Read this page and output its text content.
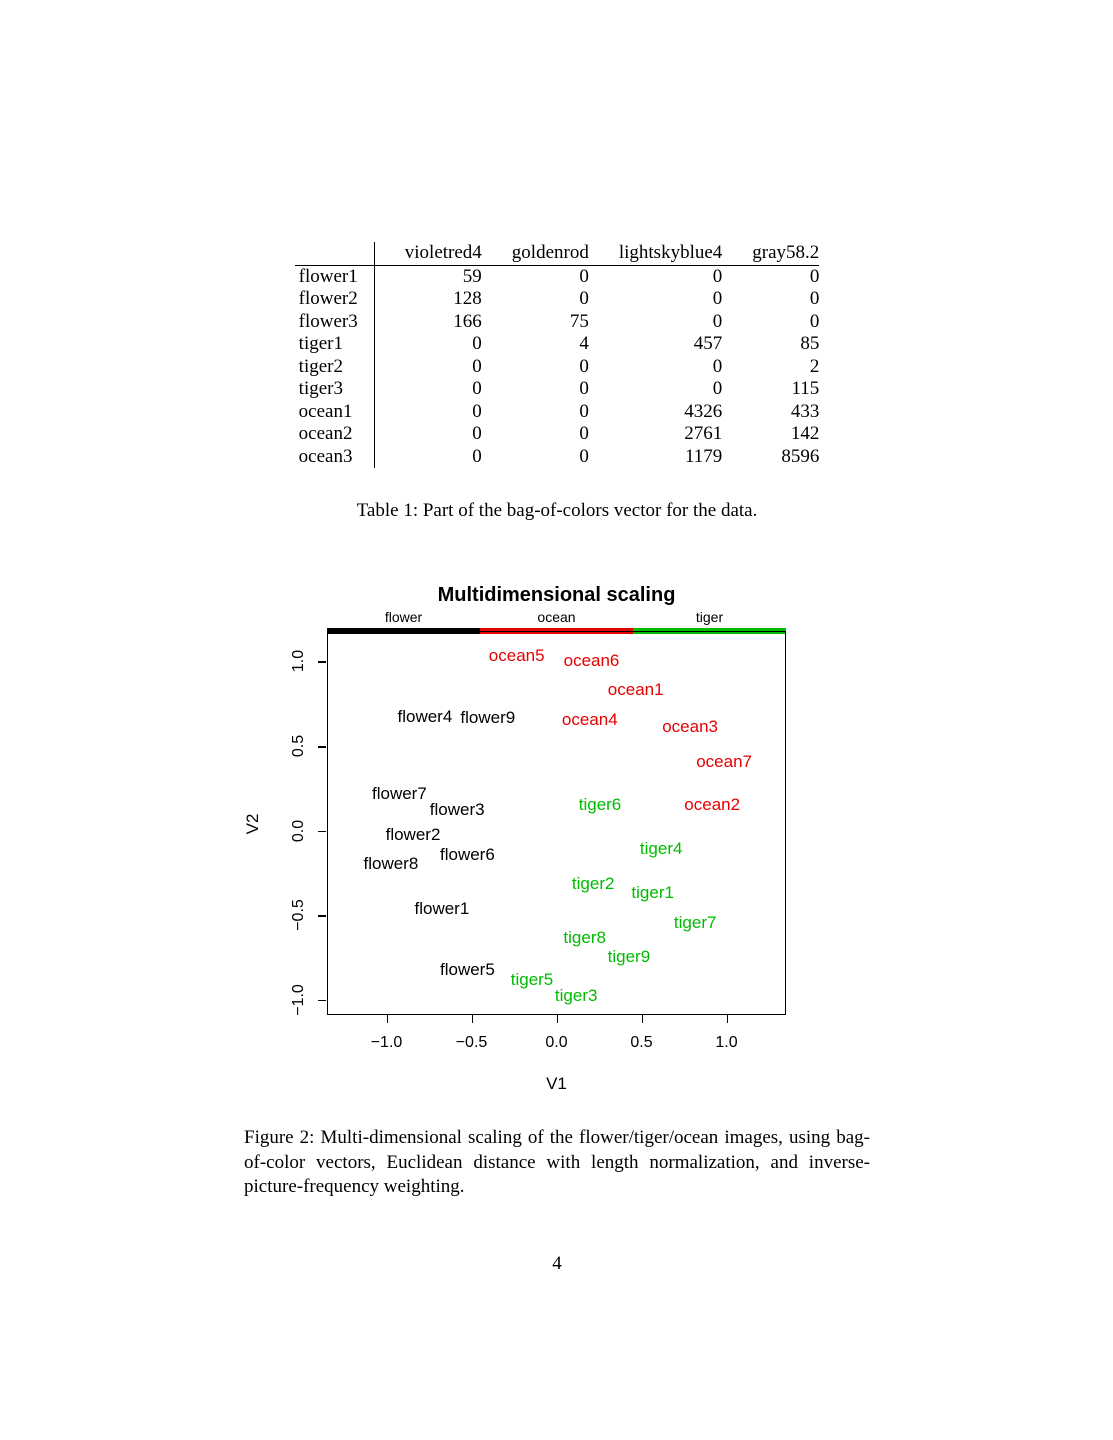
	violetred4	goldenrod	lightskyblue4	gray58.2
flower1	59	0	0	0
flower2	128	0	0	0
flower3	166	75	0	0
tiger1	0	4	457	85
tiger2	0	0	0	2
tiger3	0	0	0	115
ocean1	0	0	4326	433
ocean2	0	0	2761	142
ocean3	0	0	1179	8596
Table 1: Part of the bag-of-colors vector for the data.
Multidimensional scaling
flower	ocean	tiger
flower4 flower9
flower7
flower3
flower2
flower6
flower8
flower1
flower5
ocean5 ocean6
ocean1
ocean4	ocean3
ocean7
ocean2
tiger6
tiger4
tiger2 tiger1
tiger7
tiger8
tiger9
tiger5
tiger3
−1.0	−0.5	0.0	0.5	1.0
1.0
0.5
0.0
−0.5
−1.0
V1
V2
Figure 2: Multi-dimensional scaling of the flower/tiger/ocean images, using bag-of-color vectors, Euclidean distance with length normalization, and inverse-picture-frequency weighting.
4
